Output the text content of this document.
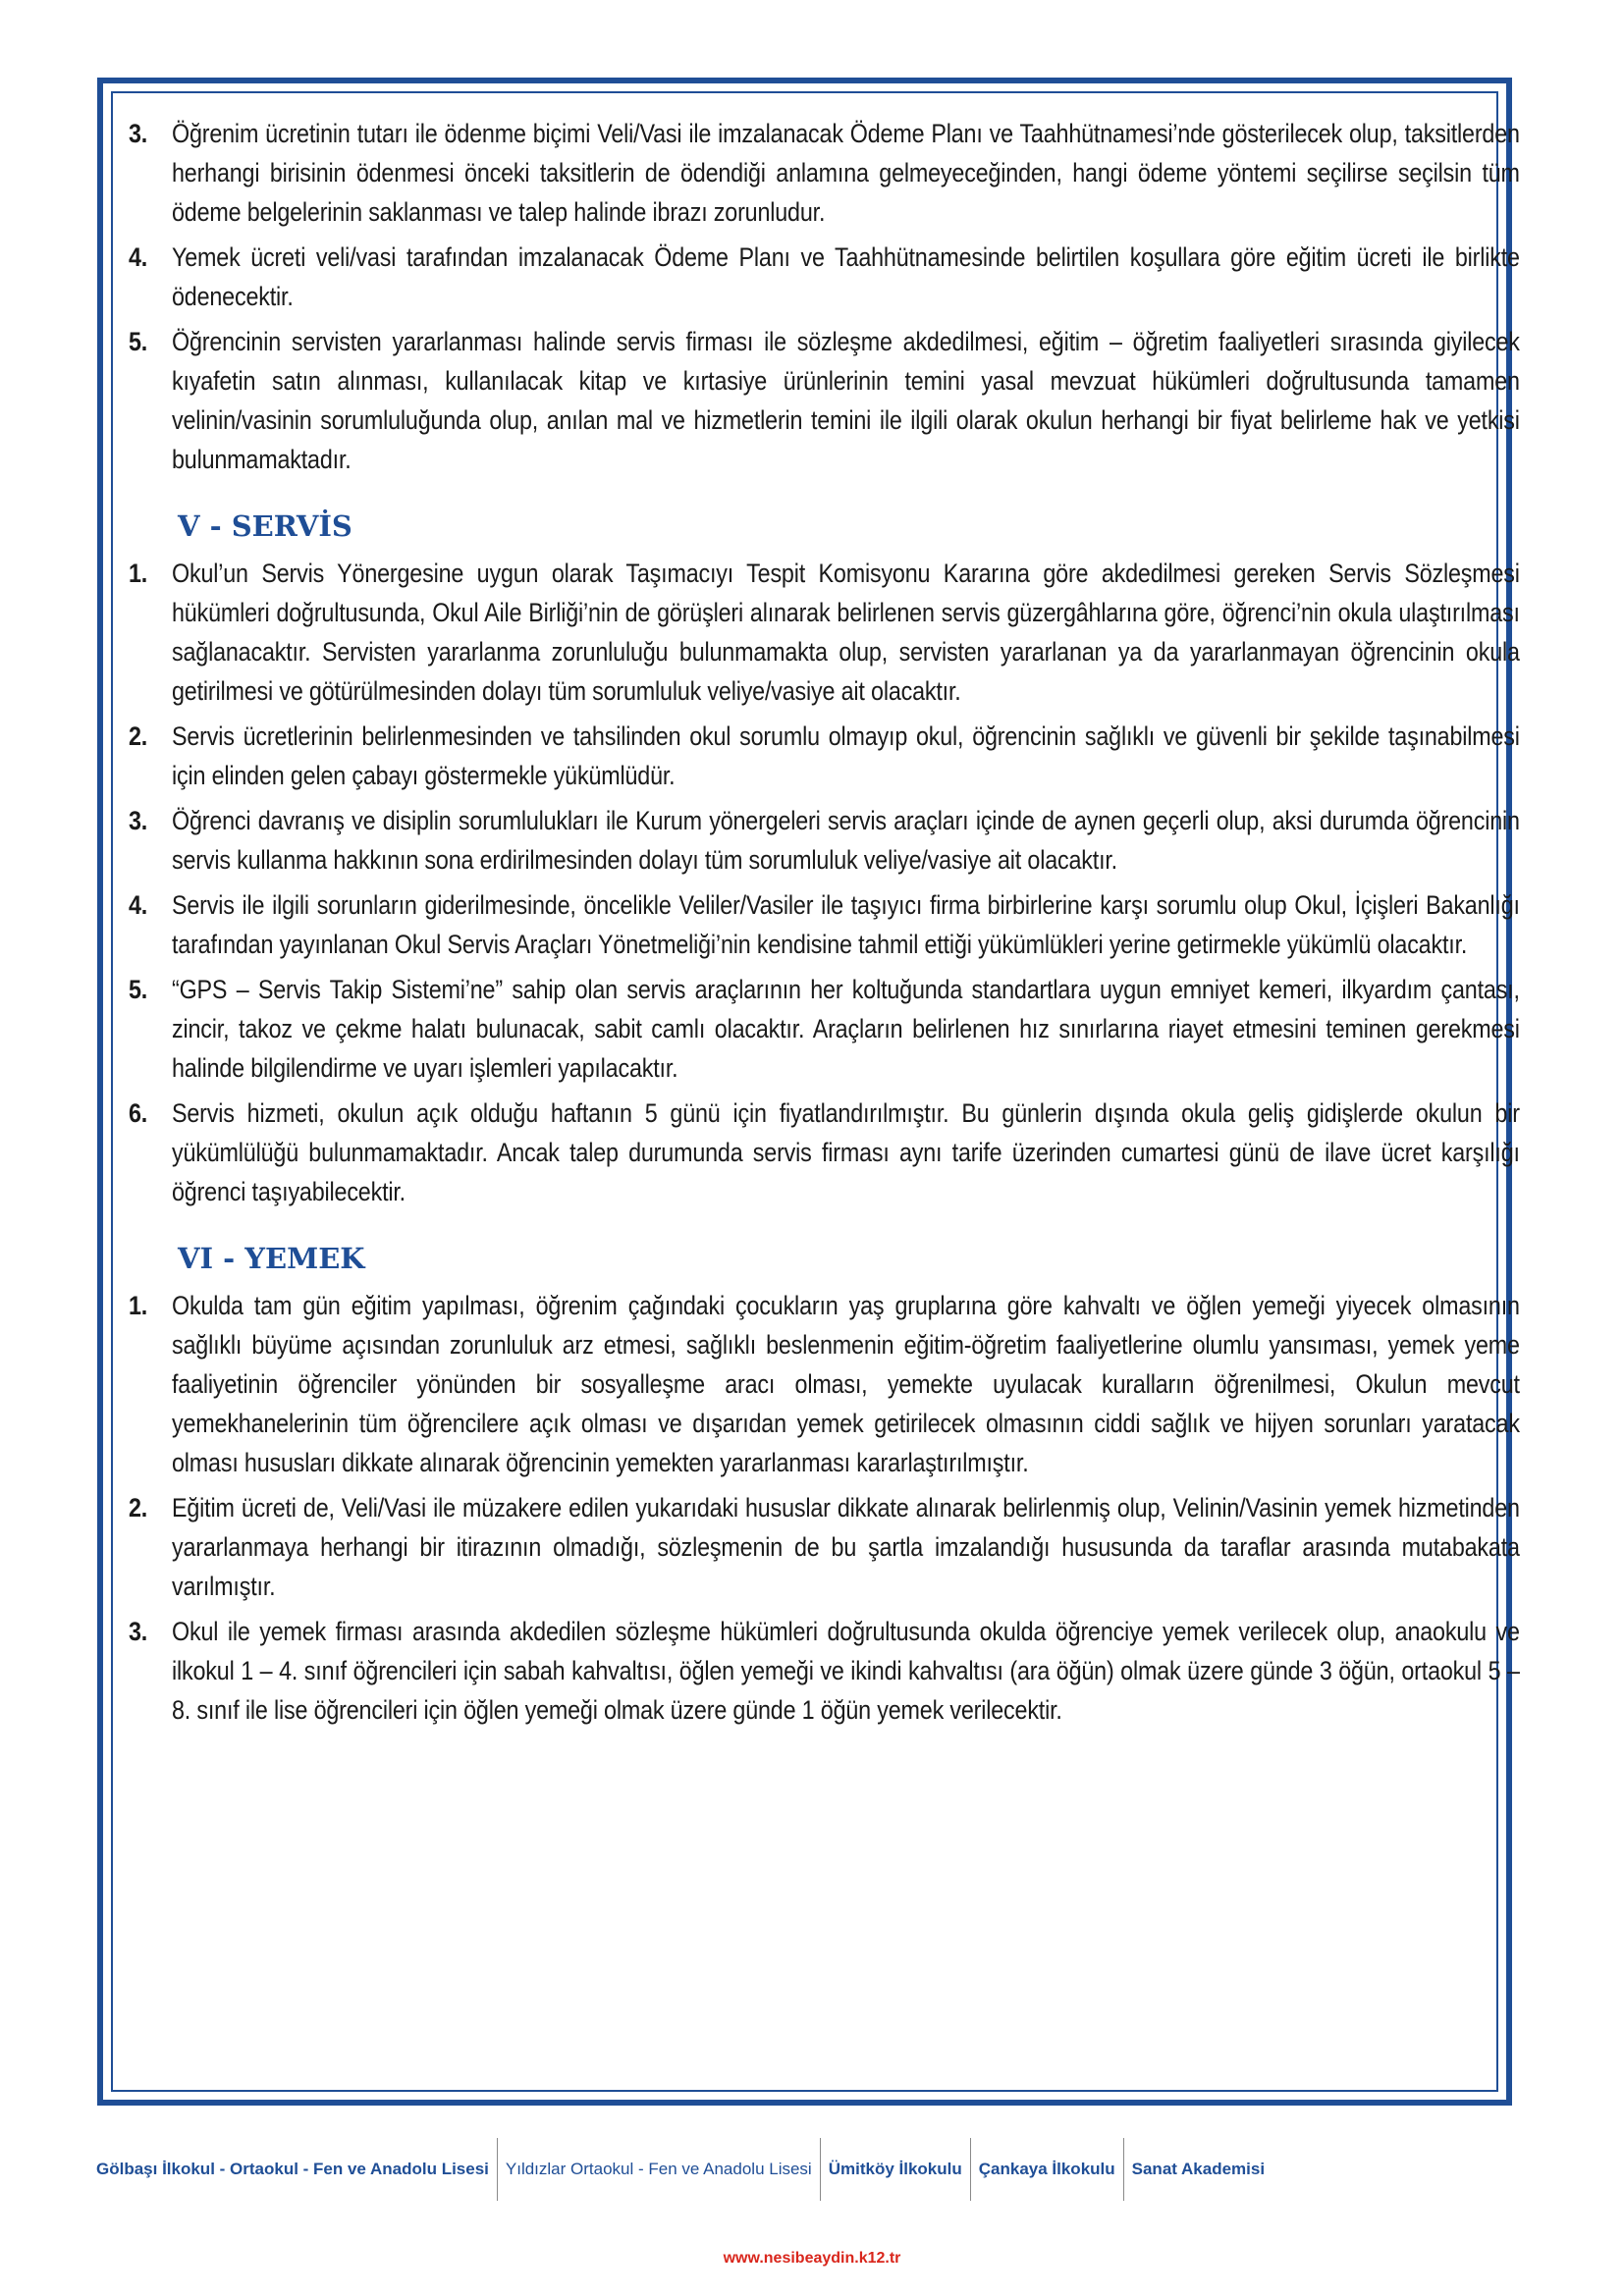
3. Öğrenim ücretinin tutarı ile ödenme biçimi Veli/Vasi ile imzalanacak Ödeme Planı ve Taahhütnamesi’nde gösterilecek olup, taksitlerden herhangi birisinin ödenmesi önceki taksitlerin de ödendiği anlamına gelmeyeceğinden, hangi ödeme yöntemi seçilirse seçilsin tüm ödeme belgelerinin saklanması ve talep halinde ibrazı zorunludur.
4. Yemek ücreti veli/vasi tarafından imzalanacak Ödeme Planı ve Taahhütnamesinde belirtilen koşullara göre eğitim ücreti ile birlikte ödenecektir.
5. Öğrencinin servisten yararlanması halinde servis firması ile sözleşme akdedilmesi, eğitim – öğretim faaliyetleri sırasında giyilecek kıyafetin satın alınması, kullanılacak kitap ve kırtasiye ürünlerinin temini yasal mevzuat hükümleri doğrultusunda tamamen velinin/vasinin sorumluluğunda olup, anılan mal ve hizmetlerin temini ile ilgili olarak okulun herhangi bir fiyat belirleme hak ve yetkisi bulunmamaktadır.
V - SERVİS
1. Okul’un Servis Yönergesine uygun olarak Taşımacıyı Tespit Komisyonu Kararına göre akdedilmesi gereken Servis Sözleşmesi hükümleri doğrultusunda, Okul Aile Birliği’nin de görüşleri alınarak belirlenen servis güzergâhlarına göre, öğrenci’nin okula ulaştırılması sağlanacaktır. Servisten yararlanma zorunluluğu bulunmamakta olup, servisten yararlanan ya da yararlanmayan öğrencinin okula getirilmesi ve götürülmesinden dolayı tüm sorumluluk veliye/vasiye ait olacaktır.
2. Servis ücretlerinin belirlenmesinden ve tahsilinden okul sorumlu olmayıp okul, öğrencinin sağlıklı ve güvenli bir şekilde taşınabilmesi için elinden gelen çabayı göstermekle yükümlüdür.
3. Öğrenci davranış ve disiplin sorumlulukları ile Kurum yönergeleri servis araçları içinde de aynen geçerli olup, aksi durumda öğrencinin servis kullanma hakkının sona erdirilmesinden dolayı tüm sorumluluk veliye/vasiye ait olacaktır.
4. Servis ile ilgili sorunların giderilmesinde, öncelikle Veliler/Vasiler ile taşıyıcı firma birbirlerine karşı sorumlu olup Okul, İçişleri Bakanlığı tarafından yayınlanan Okul Servis Araçları Yönetmeliği’nin kendisine tahmil ettiği yükümlükleri yerine getirmekle yükümlü olacaktır.
5. “GPS – Servis Takip Sistemi’ne” sahip olan servis araçlarının her koltuğunda standartlara uygun emniyet kemeri, ilkyardım çantası, zincir, takoz ve çekme halatı bulunacak, sabit camlı olacaktır. Araçların belirlenen hız sınırlarına riayet etmesini teminen gerekmesi halinde bilgilendirme ve uyarı işlemleri yapılacaktır.
6. Servis hizmeti, okulun açık olduğu haftanın 5 günü için fiyatlandırılmıştır. Bu günlerin dışında okula geliş gidişlerde okulun bir yükümlülüğü bulunmamaktadır. Ancak talep durumunda servis firması aynı tarife üzerinden cumartesi günü de ilave ücret karşılığı öğrenci taşıyabilecektir.
VI - YEMEK
1. Okulda tam gün eğitim yapılması, öğrenim çağındaki çocukların yaş gruplarına göre kahvaltı ve öğlen yemeği yiyecek olmasının sağlıklı büyüme açısından zorunluluk arz etmesi, sağlıklı beslenmenin eğitim-öğretim faaliyetlerine olumlu yansıması, yemek yeme faaliyetinin öğrenciler yönünden bir sosyalleşme aracı olması, yemekte uyulacak kuralların öğrenilmesi, Okulun mevcut yemekhanelerinin tüm öğrencilere açık olması ve dışarıdan yemek getirilecek olmasının ciddi sağlık ve hijyen sorunları yaratacak olması hususları dikkate alınarak öğrencinin yemekten yararlanması kararlaştırılmıştır.
2. Eğitim ücreti de, Veli/Vasi ile müzakere edilen yukarıdaki hususlar dikkate alınarak belirlenmiş olup, Velinin/Vasinin yemek hizmetinden yararlanmaya herhangi bir itirazının olmadığı, sözleşmenin de bu şartla imzalandığı hususunda da taraflar arasında mutabakata varılmıştır.
3. Okul ile yemek firması arasında akdedilen sözleşme hükümleri doğrultusunda okulda öğrenciye yemek verilecek olup, anaokulu ve ilkokul 1 – 4. sınıf öğrencileri için sabah kahvaltısı, öğlen yemeği ve ikindi kahvaltısı (ara öğün) olmak üzere günde 3 öğün, ortaokul 5 – 8. sınıf ile lise öğrencileri için öğlen yemeği olmak üzere günde 1 öğün yemek verilecektir.
Gölbaşı İlkokul - Ortaokul - Fen ve Anadolu Lisesi	Yıldızlar Ortaokul - Fen ve Anadolu Lisesi	Ümitköy İlkokulu	Çankaya İlkokulu	Sanat Akademisi
www.nesibeaydin.k12.tr
